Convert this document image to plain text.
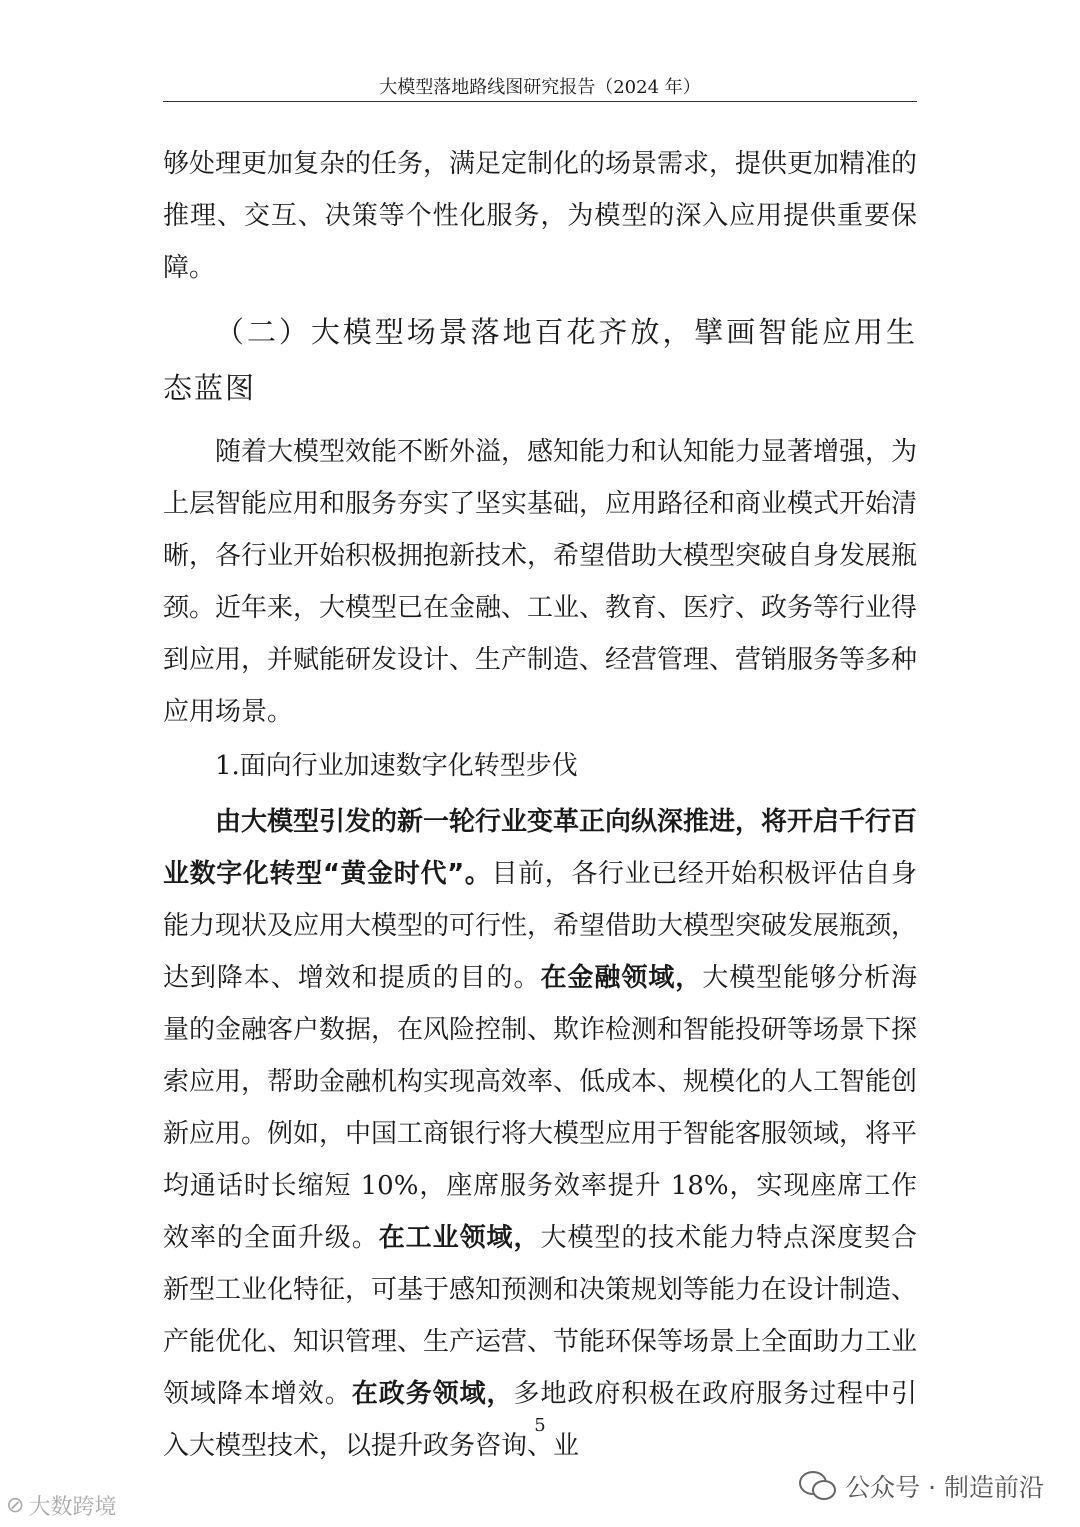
大模型落地路线图研究报告（2024 年）

够处理更加复杂的任务，满足定制化的场景需求，提供更加精准的推理、交互、决策等个性化服务，为模型的深入应用提供重要保障。

（二）大模型场景落地百花齐放，擘画智能应用生态蓝图

随着大模型效能不断外溢，感知能力和认知能力显著增强，为上层智能应用和服务夯实了坚实基础，应用路径和商业模式开始清晰，各行业开始积极拥抱新技术，希望借助大模型突破自身发展瓶颈。近年来，大模型已在金融、工业、教育、医疗、政务等行业得到应用，并赋能研发设计、生产制造、经营管理、营销服务等多种应用场景。

1.面向行业加速数字化转型步伐

由大模型引发的新一轮行业变革正向纵深推进，将开启千行百业数字化转型“黄金时代”。目前，各行业已经开始积极评估自身能力现状及应用大模型的可行性，希望借助大模型突破发展瓶颈，达到降本、增效和提质的目的。在金融领域，大模型能够分析海量的金融客户数据，在风险控制、欺诈检测和智能投研等场景下探索应用，帮助金融机构实现高效率、低成本、规模化的人工智能创新应用。例如，中国工商银行将大模型应用于智能客服领域，将平均通话时长缩短 10%，座席服务效率提升 18%，实现座席工作效率的全面升级。在工业领域，大模型的技术能力特点深度契合新型工业化特征，可基于感知预测和决策规划等能力在设计制造、产能优化、知识管理、生产运营、节能环保等场景上全面助力工业领域降本增效。在政务领域，多地政府积极在政府服务过程中引入大模型技术，以提升政务咨询、业

5
公众号 · 制造前沿
⊘ 大数跨境
